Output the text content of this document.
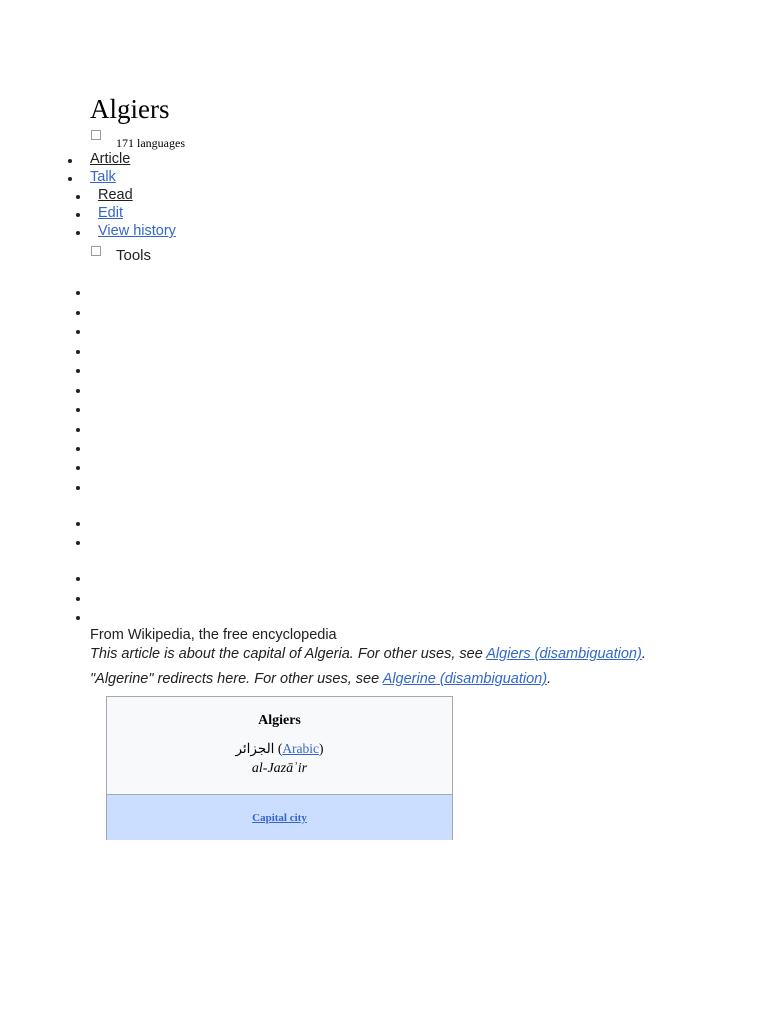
Algiers
171 languages
Article
Talk
Read
Edit
View history
Tools
From Wikipedia, the free encyclopedia
This article is about the capital of Algeria. For other uses, see Algiers (disambiguation).
"Algerine" redirects here. For other uses, see Algerine (disambiguation).
Algiers
الجزائر (Arabic)
al-Jazāʾir
Capital city
